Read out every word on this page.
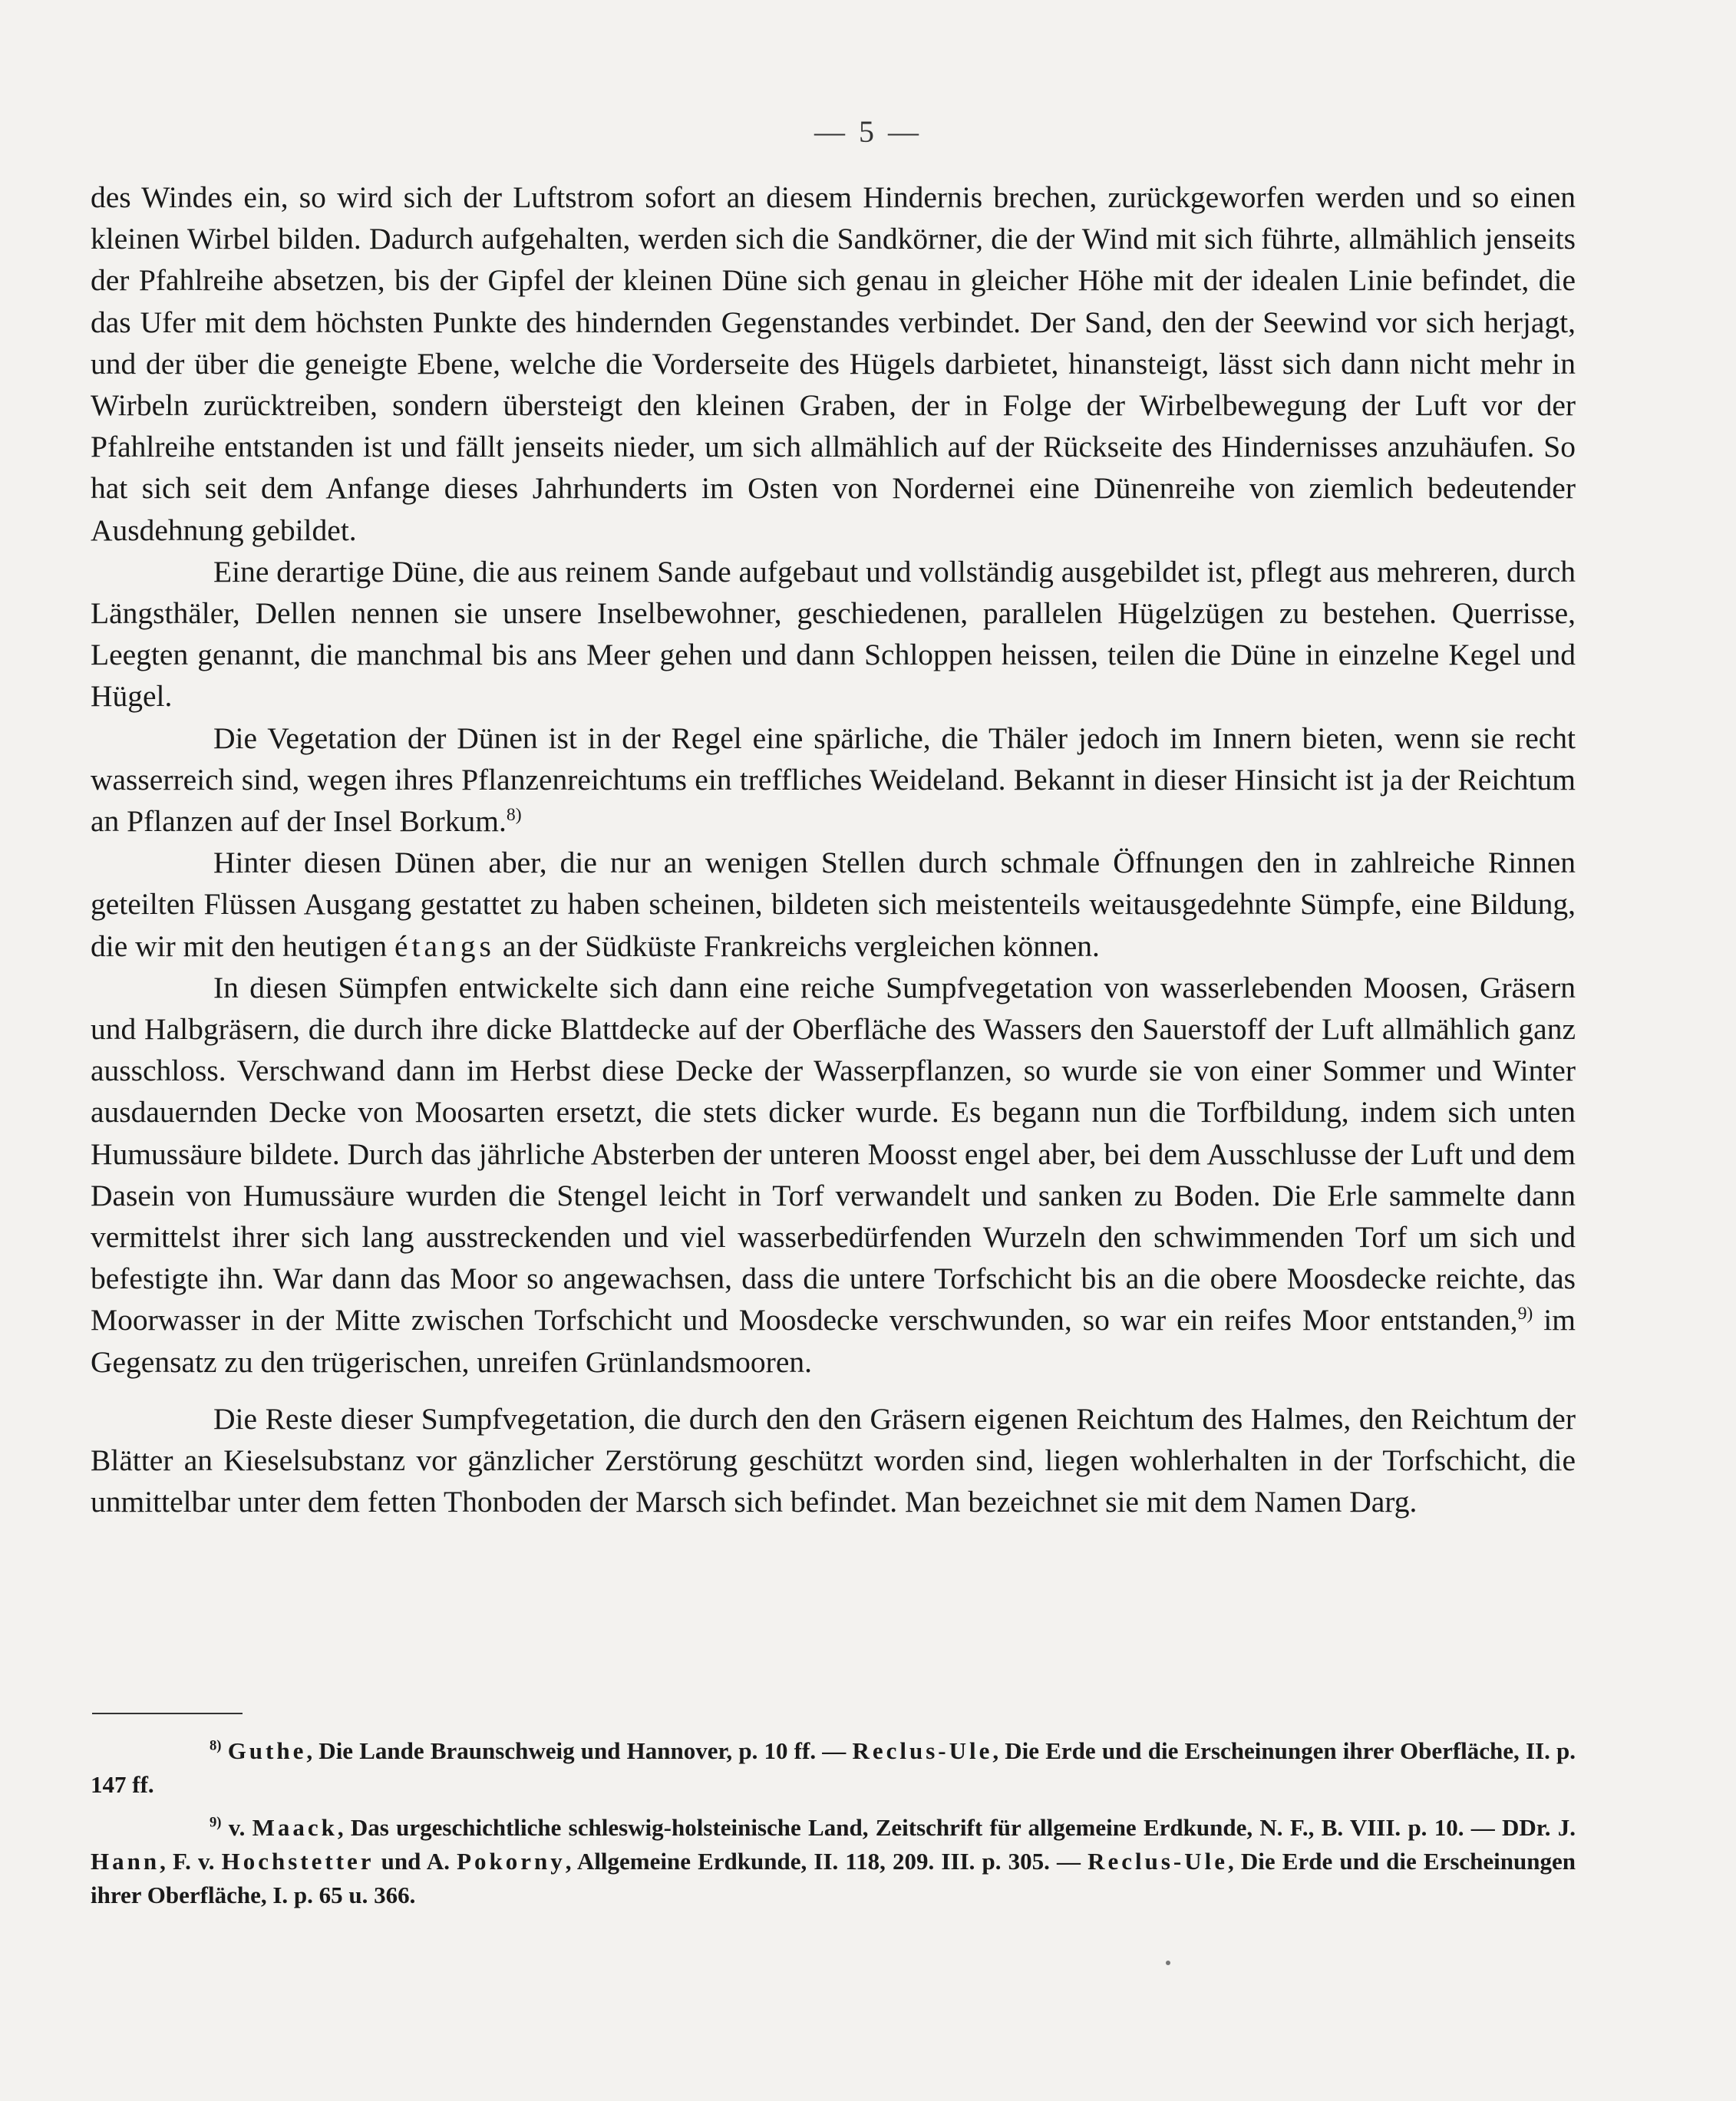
— 5 —

des Windes ein, so wird sich der Luftstrom sofort an diesem Hindernis brechen, zurückgeworfen werden und so einen kleinen Wirbel bilden. Dadurch aufgehalten, werden sich die Sandkörner, die der Wind mit sich führte, allmählich jenseits der Pfahlreihe absetzen, bis der Gipfel der kleinen Düne sich genau in gleicher Höhe mit der idealen Linie befindet, die das Ufer mit dem höchsten Punkte des hindernden Gegenstandes verbindet. Der Sand, den der Seewind vor sich herjagt, und der über die geneigte Ebene, welche die Vorderseite des Hügels darbietet, hinansteigt, lässt sich dann nicht mehr in Wirbeln zurücktreiben, sondern übersteigt den kleinen Graben, der in Folge der Wirbelbewegung der Luft vor der Pfahlreihe entstanden ist und fällt jenseits nieder, um sich allmählich auf der Rückseite des Hindernisses anzuhäufen. So hat sich seit dem Anfange dieses Jahrhunderts im Osten von Nordernei eine Dünenreihe von ziemlich bedeutender Ausdehnung gebildet.

Eine derartige Düne, die aus reinem Sande aufgebaut und vollständig ausgebildet ist, pflegt aus mehreren, durch Längsthäler, Dellen nennen sie unsere Inselbewohner, geschiedenen, parallelen Hügelzügen zu bestehen. Querrisse, Leegten genannt, die manchmal bis ans Meer gehen und dann Schloppen heissen, teilen die Düne in einzelne Kegel und Hügel.

Die Vegetation der Dünen ist in der Regel eine spärliche, die Thäler jedoch im Innern bieten, wenn sie recht wasserreich sind, wegen ihres Pflanzenreichtums ein treffliches Weideland. Bekannt in dieser Hinsicht ist ja der Reichtum an Pflanzen auf der Insel Borkum.$^{8)}$

Hinter diesen Dünen aber, die nur an wenigen Stellen durch schmale Öffnungen den in zahlreiche Rinnen geteilten Flüssen Ausgang gestattet zu haben scheinen, bildeten sich meistenteils weitausgedehnte Sümpfe, eine Bildung, die wir mit den heutigen étangs an der Südküste Frankreichs vergleichen können.

In diesen Sümpfen entwickelte sich dann eine reiche Sumpfvegetation von wasserlebenden Moosen, Gräsern und Halbgräsern, die durch ihre dicke Blattdecke auf der Oberfläche des Wassers den Sauerstoff der Luft allmählich ganz ausschloss. Verschwand dann im Herbst diese Decke der Wasserpflanzen, so wurde sie von einer Sommer und Winter ausdauernden Decke von Moosarten ersetzt, die stets dicker wurde. Es begann nun die Torfbildung, indem sich unten Humussäure bildete. Durch das jährliche Absterben der unteren Moosst engel aber, bei dem Ausschlusse der Luft und dem Dasein von Humussäure wurden die Stengel leicht in Torf verwandelt und sanken zu Boden. Die Erle sammelte dann vermittelst ihrer sich lang ausstreckenden und viel wasserbedürfenden Wurzeln den schwimmenden Torf um sich und befestigte ihn. War dann das Moor so angewachsen, dass die untere Torfschicht bis an die obere Moosdecke reichte, das Moorwasser in der Mitte zwischen Torfschicht und Moosdecke verschwunden, so war ein reifes Moor entstanden,$^{9)}$ im Gegensatz zu den trügerischen, unreifen Grünlandsmooren.

Die Reste dieser Sumpfvegetation, die durch den den Gräsern eigenen Reichtum des Halmes, den Reichtum der Blätter an Kieselsubstanz vor gänzlicher Zerstörung geschützt worden sind, liegen wohlerhalten in der Torfschicht, die unmittelbar unter dem fetten Thonboden der Marsch sich befindet. Man bezeichnet sie mit dem Namen Darg.

$^{8)}$ Guthe, Die Lande Braunschweig und Hannover, p. 10 ff. — Reclus-Ule, Die Erde und die Erscheinungen ihrer Oberfläche, II. p. 147 ff.

$^{9)}$ v. Maack, Das urgeschichtliche schleswig-holsteinische Land, Zeitschrift für allgemeine Erdkunde, N. F., B. VIII. p. 10. — DDr. J. Hann, F. v. Hochstetter und A. Pokorny, Allgemeine Erdkunde, II. 118, 209. III. p. 305. — Reclus-Ule, Die Erde und die Erscheinungen ihrer Oberfläche, I. p. 65 u. 366.
